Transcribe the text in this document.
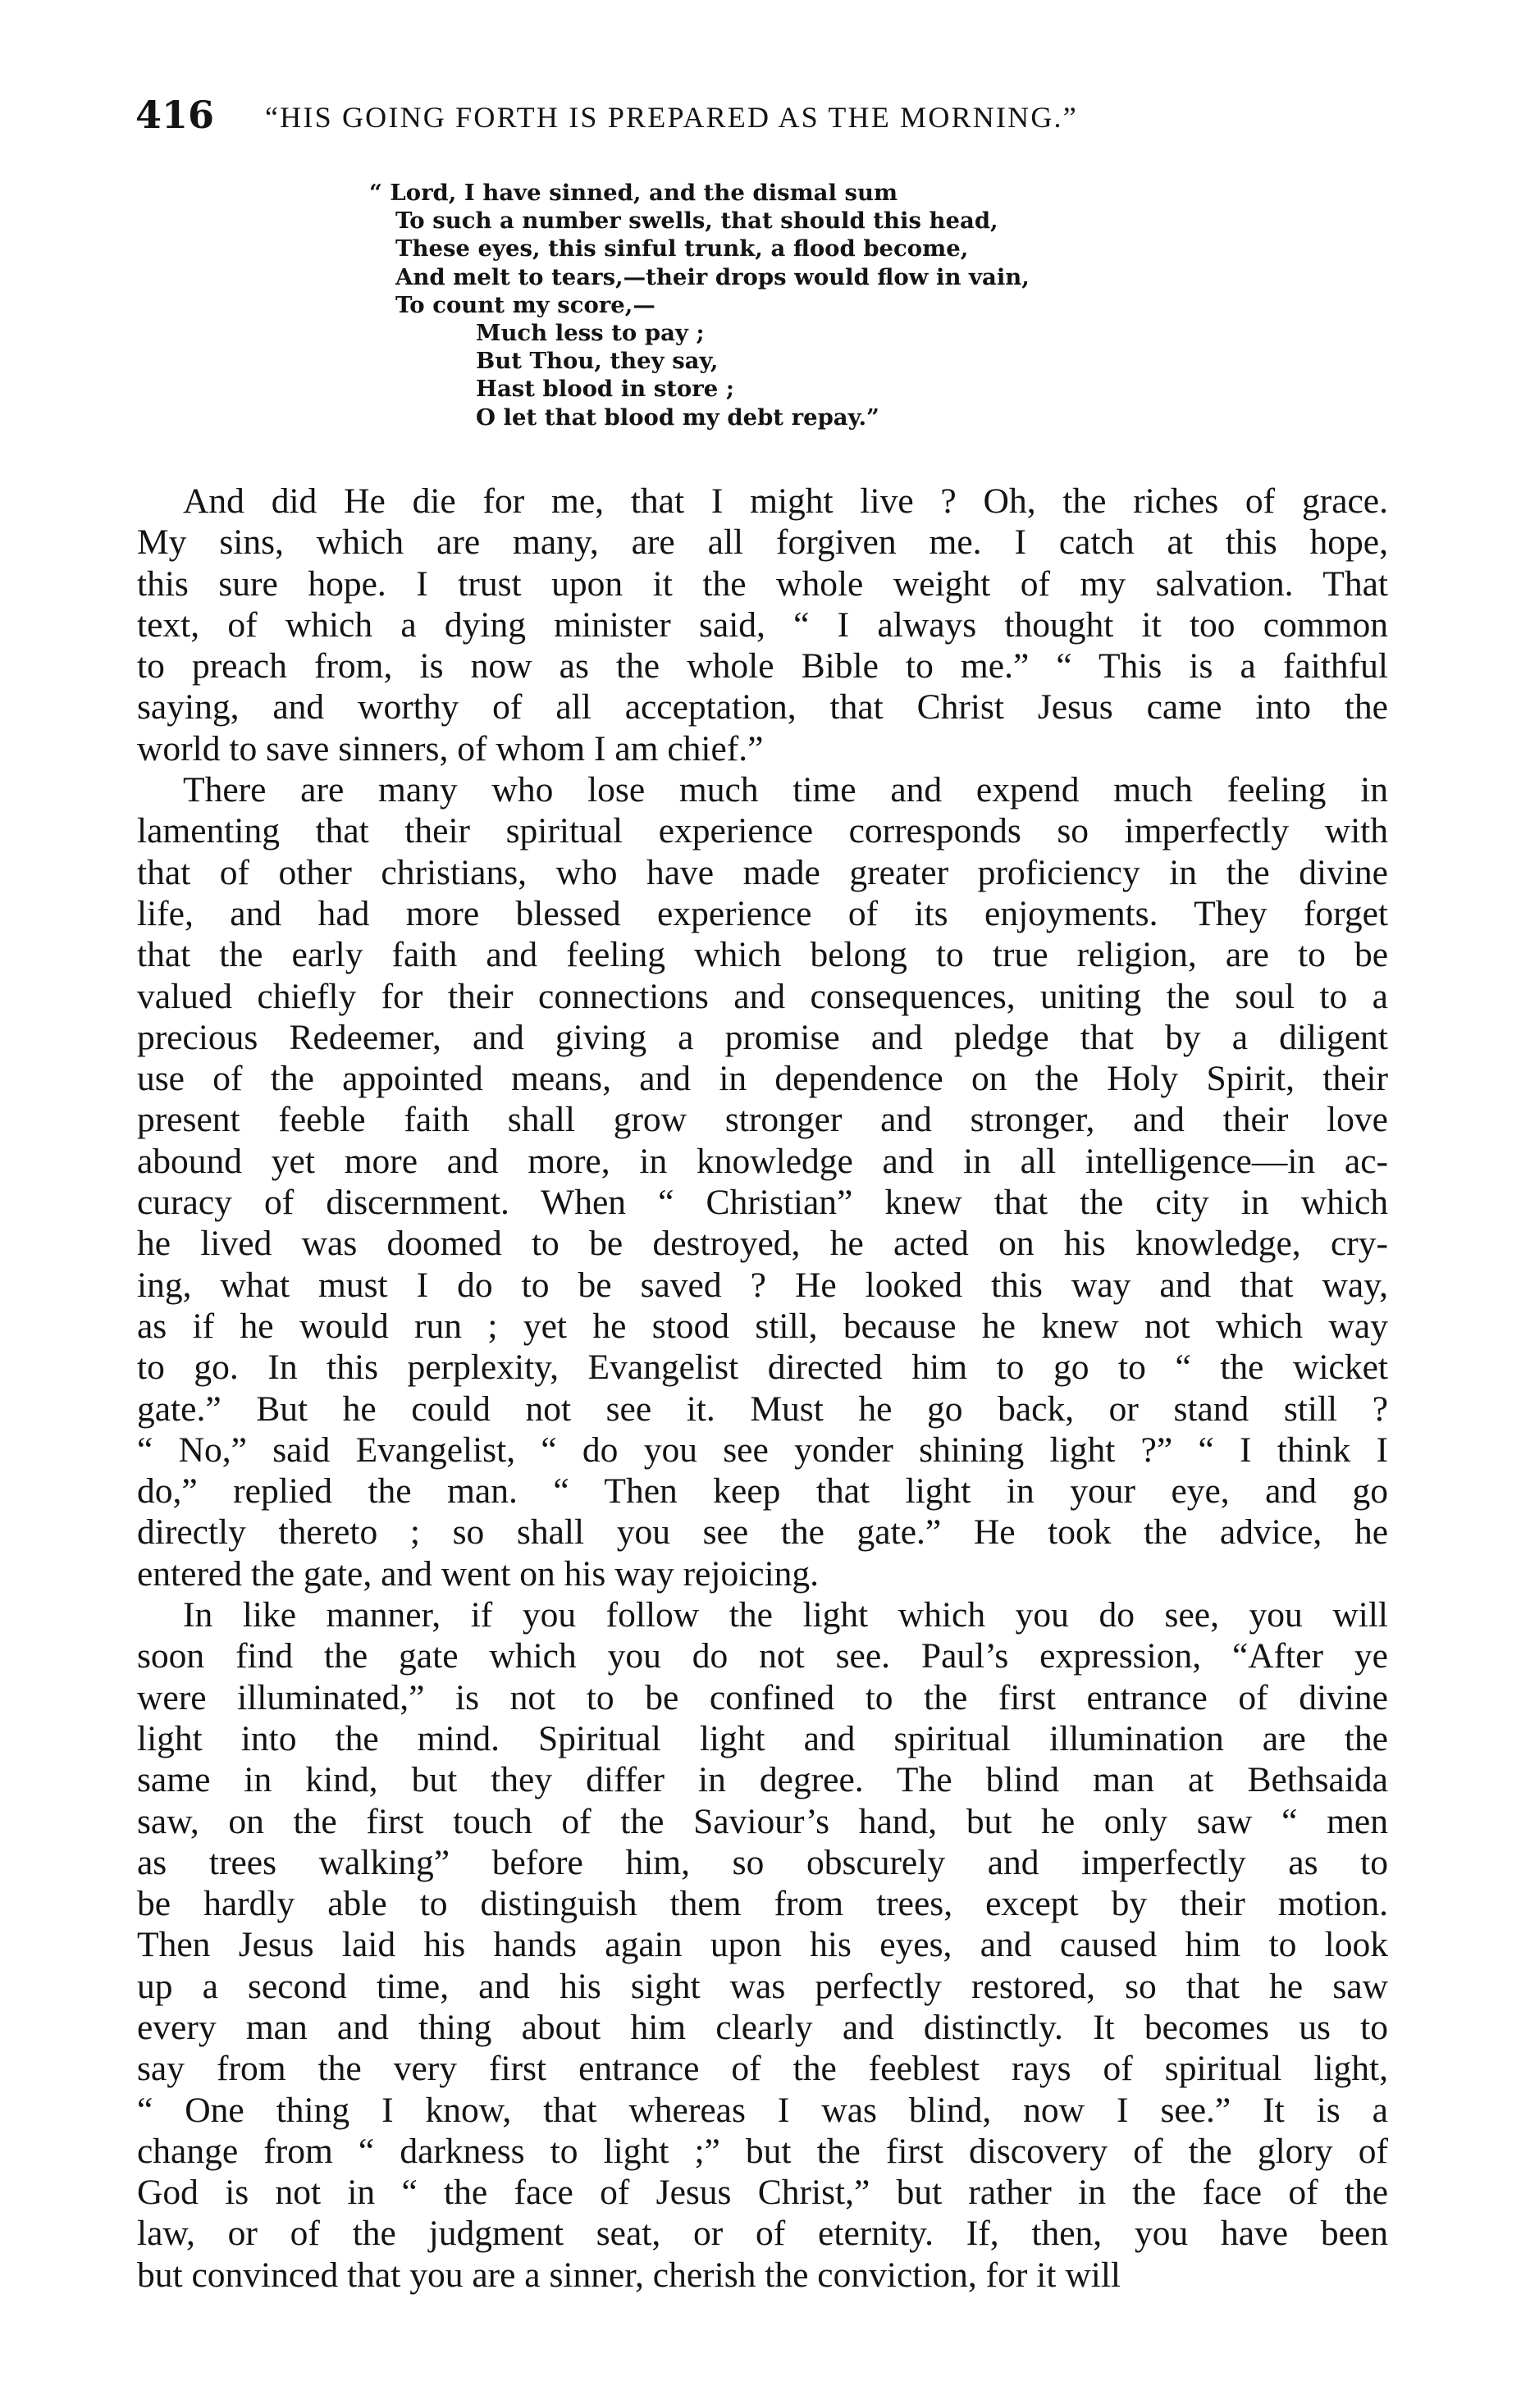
416 “HIS GOING FORTH IS PREPARED AS THE MORNING.”
“ Lord, I have sinned, and the dismal sum
To such a number swells, that should this head,
These eyes, this sinful trunk, a flood become,
And melt to tears,—their drops would flow in vain,
To count my score,—
Much less to pay ;
But Thou, they say,
Hast blood in store ;
O let that blood my debt repay.”
And did He die for me, that I might live ? Oh, the riches of grace.
My sins, which are many, are all forgiven me. I catch at this hope,
this sure hope. I trust upon it the whole weight of my salvation. That
text, of which a dying minister said, “ I always thought it too common
to preach from, is now as the whole Bible to me.” “ This is a faithful
saying, and worthy of all acceptation, that Christ Jesus came into the
world to save sinners, of whom I am chief.”
There are many who lose much time and expend much feeling in
lamenting that their spiritual experience corresponds so imperfectly with
that of other christians, who have made greater proficiency in the divine
life, and had more blessed experience of its enjoyments. They forget
that the early faith and feeling which belong to true religion, are to be
valued chiefly for their connections and consequences, uniting the soul to a
precious Redeemer, and giving a promise and pledge that by a diligent
use of the appointed means, and in dependence on the Holy Spirit, their
present feeble faith shall grow stronger and stronger, and their love
abound yet more and more, in knowledge and in all intelligence—in ac-
curacy of discernment. When “ Christian” knew that the city in which
he lived was doomed to be destroyed, he acted on his knowledge, cry-
ing, what must I do to be saved ? He looked this way and that way,
as if he would run ; yet he stood still, because he knew not which way
to go. In this perplexity, Evangelist directed him to go to “ the wicket
gate.” But he could not see it. Must he go back, or stand still ?
“ No,” said Evangelist, “ do you see yonder shining light ?” “ I think I
do,” replied the man. “ Then keep that light in your eye, and go
directly thereto ; so shall you see the gate.” He took the advice, he
entered the gate, and went on his way rejoicing.
In like manner, if you follow the light which you do see, you will
soon find the gate which you do not see. Paul’s expression, “After ye
were illuminated,” is not to be confined to the first entrance of divine
light into the mind. Spiritual light and spiritual illumination are the
same in kind, but they differ in degree. The blind man at Bethsaida
saw, on the first touch of the Saviour’s hand, but he only saw “ men
as trees walking” before him, so obscurely and imperfectly as to
be hardly able to distinguish them from trees, except by their motion.
Then Jesus laid his hands again upon his eyes, and caused him to look
up a second time, and his sight was perfectly restored, so that he saw
every man and thing about him clearly and distinctly. It becomes us to
say from the very first entrance of the feeblest rays of spiritual light,
“ One thing I know, that whereas I was blind, now I see.” It is a
change from “ darkness to light ;” but the first discovery of the glory of
God is not in “ the face of Jesus Christ,” but rather in the face of the
law, or of the judgment seat, or of eternity. If, then, you have been
but convinced that you are a sinner, cherish the conviction, for it will
